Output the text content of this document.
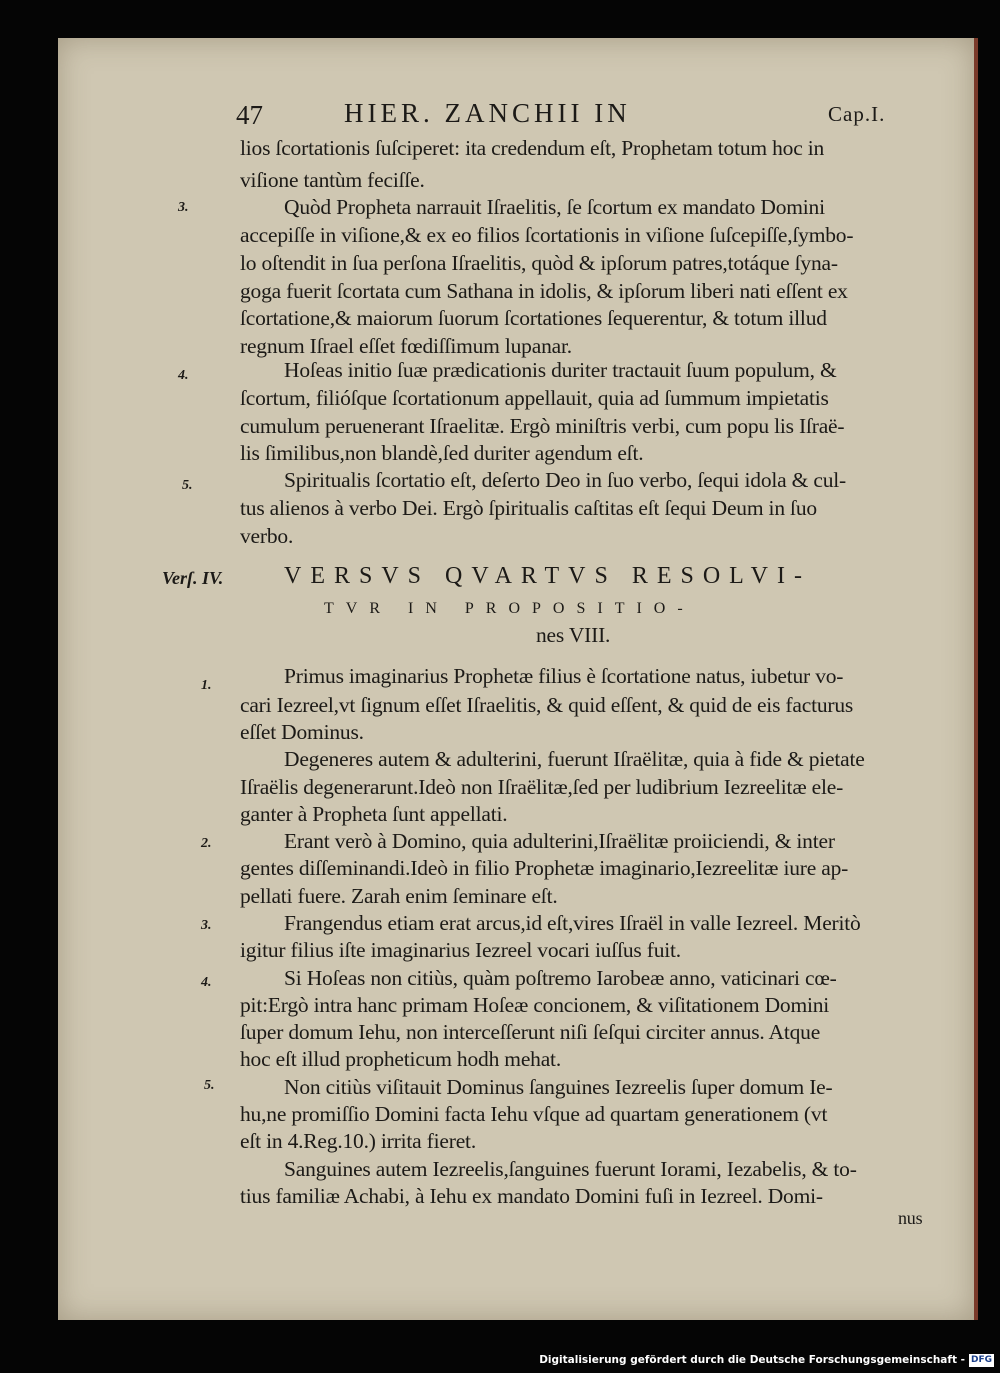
47	HIER. ZANCHII IN	Cap.I.
lios ſcortationis ſuſciperet: ita credendum eſt, Prophetam totum hoc in
viſione tantùm feciſſe.
Quòd Propheta narrauit Iſraelitis, ſe ſcortum ex mandato Domini
accepiſſe in viſione,& ex eo filios ſcortationis in viſione ſuſcepiſſe,ſymbo-
lo oſtendit in ſua perſona Iſraelitis, quòd & ipſorum patres,totáque ſyna-
goga fuerit ſcortata cum Sathana in idolis, & ipſorum liberi nati eſſent ex
ſcortatione,& maiorum ſuorum ſcortationes ſequerentur, & totum illud
regnum Iſrael eſſet fœdiſſimum lupanar.
Hoſeas initio ſuæ prædicationis duriter tractauit ſuum populum, &
ſcortum, filióſque ſcortationum appellauit, quia ad ſummum impietatis
cumulum peruenerant Iſraelitæ. Ergò miniſtris verbi, cum popu lis Iſraë-
lis ſimilibus,non blandè,ſed duriter agendum eſt.
Spiritualis ſcortatio eſt, deſerto Deo in ſuo verbo, ſequi idola & cul-
tus alienos à verbo Dei. Ergò ſpiritualis caſtitas eſt ſequi Deum in ſuo
verbo.
VERSVS QVARTVS RESOLVI-
TVR IN PROPOSITIO-
nes VIII.
Primus imaginarius Prophetæ filius è ſcortatione natus, iubetur vo-
cari Iezreel,vt ſignum eſſet Iſraelitis, & quid eſſent, & quid de eis facturus
eſſet Dominus.
Degeneres autem & adulterini, fuerunt Iſraëlitæ, quia à fide & pietate
Iſraëlis degenerarunt.Ideò non Iſraëlitæ,ſed per ludibrium Iezreelitæ ele-
ganter à Propheta ſunt appellati.
Erant verò à Domino, quia adulterini,Iſraëlitæ proiiciendi, & inter
gentes diſſeminandi.Ideò in filio Prophetæ imaginario,Iezreelitæ iure ap-
pellati fuere. Zarah enim ſeminare eſt.
Frangendus etiam erat arcus,id eſt,vires Iſraël in valle Iezreel. Meritò
igitur filius iſte imaginarius Iezreel vocari iuſſus fuit.
Si Hoſeas non citiùs, quàm poſtremo Iarobeæ anno, vaticinari cœ-
pit:Ergò intra hanc primam Hoſeæ concionem, & viſitationem Domini
ſuper domum Iehu, non interceſſerunt niſi ſeſqui circiter annus. Atque
hoc eſt illud propheticum hodh mehat.
Non citiùs viſitauit Dominus ſanguines Iezreelis ſuper domum Ie-
hu,ne promiſſio Domini facta Iehu vſque ad quartam generationem (vt
eſt in 4.Reg.10.) irrita fieret.
Sanguines autem Iezreelis,ſanguines fuerunt Iorami, Iezabelis, & to-
tius familiæ Achabi, à Iehu ex mandato Domini fuſi in Iezreel. Domi-
nus
3.
4.
5.
Verſ. IV.
1.
2.
3.
4.
5.
Digitalisierung gefördert durch die Deutsche Forschungsgemeinschaft - DFG
